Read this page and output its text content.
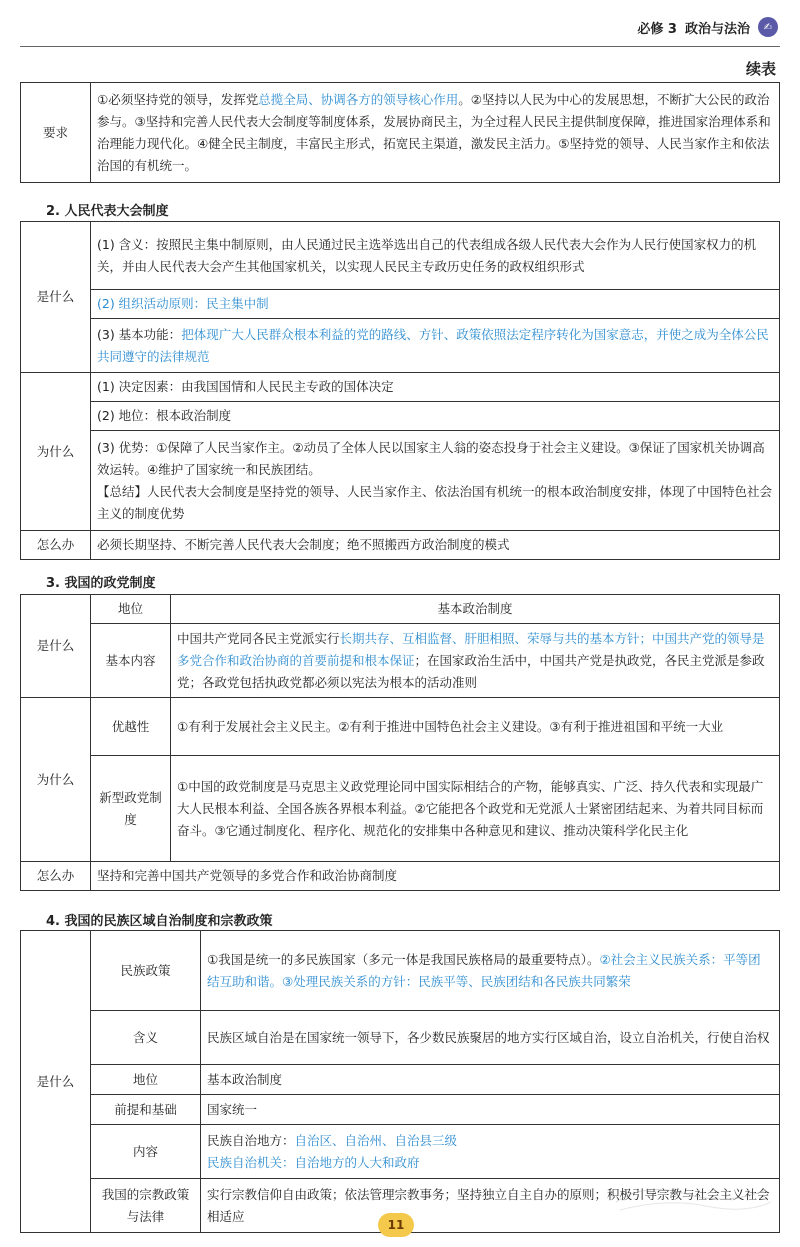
必修 3 政治与法治	✍
续表
要求	①必须坚持党的领导，发挥党总揽全局、协调各方的领导核心作用。②坚持以人民为中心的发展思想，不断扩大公民的政治参与。③坚持和完善人民代表大会制度等制度体系，发展协商民主，为全过程人民民主提供制度保障，推进国家治理体系和治理能力现代化。④健全民主制度，丰富民主形式，拓宽民主渠道，激发民主活力。⑤坚持党的领导、人民当家作主和依法治国的有机统一。
2. 人民代表大会制度
是什么	(1) 含义：按照民主集中制原则，由人民通过民主选举选出自己的代表组成各级人民代表大会作为人民行使国家权力的机关，并由人民代表大会产生其他国家机关，以实现人民民主专政历史任务的政权组织形式
	(2) 组织活动原则：民主集中制
	(3) 基本功能：把体现广大人民群众根本利益的党的路线、方针、政策依照法定程序转化为国家意志，并使之成为全体公民共同遵守的法律规范
为什么	(1) 决定因素：由我国国情和人民民主专政的国体决定
	(2) 地位：根本政治制度
	(3) 优势：①保障了人民当家作主。②动员了全体人民以国家主人翁的姿态投身于社会主义建设。③保证了国家机关协调高效运转。④维护了国家统一和民族团结。
【总结】人民代表大会制度是坚持党的领导、人民当家作主、依法治国有机统一的根本政治制度安排，体现了中国特色社会主义的制度优势
怎么办	必须长期坚持、不断完善人民代表大会制度；绝不照搬西方政治制度的模式
3. 我国的政党制度
是什么	地位	基本政治制度
	基本内容	中国共产党同各民主党派实行长期共存、互相监督、肝胆相照、荣辱与共的基本方针；中国共产党的领导是多党合作和政治协商的首要前提和根本保证；在国家政治生活中，中国共产党是执政党，各民主党派是参政党；各政党包括执政党都必须以宪法为根本的活动准则
为什么	优越性	①有利于发展社会主义民主。②有利于推进中国特色社会主义建设。③有利于推进祖国和平统一大业
	新型政党制度	①中国的政党制度是马克思主义政党理论同中国实际相结合的产物，能够真实、广泛、持久代表和实现最广大人民根本利益、全国各族各界根本利益。②它能把各个政党和无党派人士紧密团结起来、为着共同目标而奋斗。③它通过制度化、程序化、规范化的安排集中各种意见和建议、推动决策科学化民主化
怎么办	坚持和完善中国共产党领导的多党合作和政治协商制度	
4. 我国的民族区域自治制度和宗教政策
是什么	民族政策	①我国是统一的多民族国家（多元一体是我国民族格局的最重要特点）。②社会主义民族关系：平等团结互助和谐。③处理民族关系的方针：民族平等、民族团结和各民族共同繁荣
	含义	民族区域自治是在国家统一领导下，各少数民族聚居的地方实行区域自治，设立自治机关，行使自治权
	地位	基本政治制度
	前提和基础	国家统一
	内容	民族自治地方：自治区、自治州、自治县三级
民族自治机关：自治地方的人大和政府
	我国的宗教政策与法律	实行宗教信仰自由政策；依法管理宗教事务；坚持独立自主自办的原则；积极引导宗教与社会主义社会相适应
11
